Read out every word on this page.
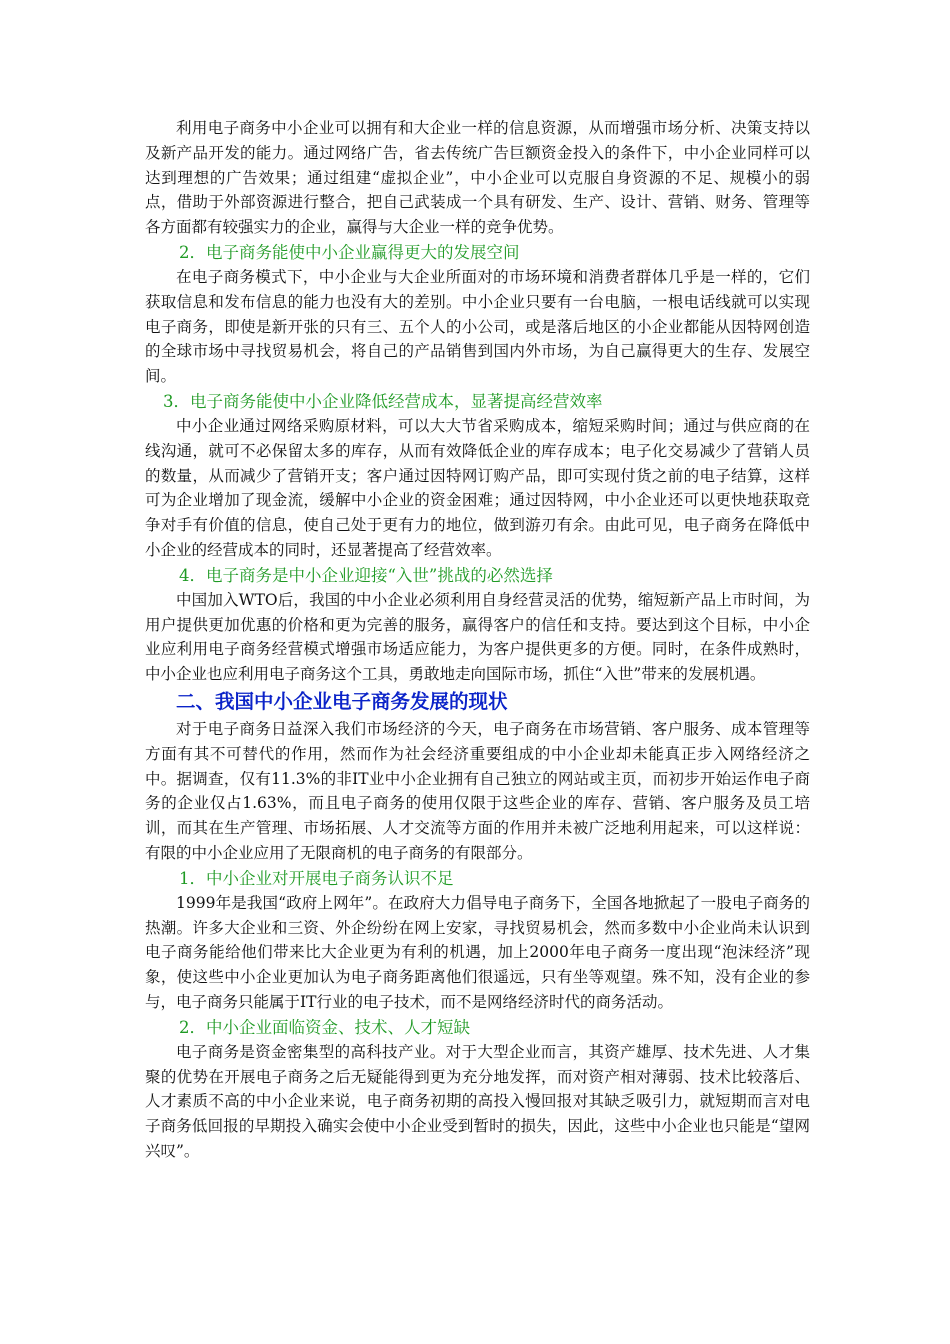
利用电子商务中小企业可以拥有和大企业一样的信息资源，从而增强市场分析、决策支持以及新产品开发的能力。通过网络广告，省去传统广告巨额资金投入的条件下，中小企业同样可以达到理想的广告效果；通过组建“虚拟企业”，中小企业可以克服自身资源的不足、规模小的弱点，借助于外部资源进行整合，把自己武装成一个具有研发、生产、设计、营销、财务、管理等各方面都有较强实力的企业，赢得与大企业一样的竞争优势。

2．电子商务能使中小企业赢得更大的发展空间

在电子商务模式下，中小企业与大企业所面对的市场环境和消费者群体几乎是一样的，它们获取信息和发布信息的能力也没有大的差别。中小企业只要有一台电脑，一根电话线就可以实现电子商务，即使是新开张的只有三、五个人的小公司，或是落后地区的小企业都能从因特网创造的全球市场中寻找贸易机会，将自己的产品销售到国内外市场，为自己赢得更大的生存、发展空间。

3．电子商务能使中小企业降低经营成本，显著提高经营效率

中小企业通过网络采购原材料，可以大大节省采购成本，缩短采购时间；通过与供应商的在线沟通，就可不必保留太多的库存，从而有效降低企业的库存成本；电子化交易减少了营销人员的数量，从而减少了营销开支；客户通过因特网订购产品，即可实现付货之前的电子结算，这样可为企业增加了现金流，缓解中小企业的资金困难；通过因特网，中小企业还可以更快地获取竞争对手有价值的信息，使自己处于更有力的地位，做到游刃有余。由此可见，电子商务在降低中小企业的经营成本的同时，还显著提高了经营效率。

4．电子商务是中小企业迎接“入世”挑战的必然选择

中国加入WTO后，我国的中小企业必须利用自身经营灵活的优势，缩短新产品上市时间，为用户提供更加优惠的价格和更为完善的服务，赢得客户的信任和支持。要达到这个目标，中小企业应利用电子商务经营模式增强市场适应能力，为客户提供更多的方便。同时，在条件成熟时，中小企业也应利用电子商务这个工具，勇敢地走向国际市场，抓住“入世”带来的发展机遇。

二、我国中小企业电子商务发展的现状

对于电子商务日益深入我们市场经济的今天，电子商务在市场营销、客户服务、成本管理等方面有其不可替代的作用，然而作为社会经济重要组成的中小企业却未能真正步入网络经济之中。据调查，仅有11.3%的非IT业中小企业拥有自己独立的网站或主页，而初步开始运作电子商务的企业仅占1.63%，而且电子商务的使用仅限于这些企业的库存、营销、客户服务及员工培训，而其在生产管理、市场拓展、人才交流等方面的作用并未被广泛地利用起来，可以这样说：有限的中小企业应用了无限商机的电子商务的有限部分。

1．中小企业对开展电子商务认识不足

1999年是我国“政府上网年”。在政府大力倡导电子商务下，全国各地掀起了一股电子商务的热潮。许多大企业和三资、外企纷纷在网上安家，寻找贸易机会，然而多数中小企业尚未认识到电子商务能给他们带来比大企业更为有利的机遇，加上2000年电子商务一度出现“泡沫经济”现象，使这些中小企业更加认为电子商务距离他们很遥远，只有坐等观望。殊不知，没有企业的参与，电子商务只能属于IT行业的电子技术，而不是网络经济时代的商务活动。

2．中小企业面临资金、技术、人才短缺

电子商务是资金密集型的高科技产业。对于大型企业而言，其资产雄厚、技术先进、人才集聚的优势在开展电子商务之后无疑能得到更为充分地发挥，而对资产相对薄弱、技术比较落后、人才素质不高的中小企业来说，电子商务初期的高投入慢回报对其缺乏吸引力，就短期而言对电子商务低回报的早期投入确实会使中小企业受到暂时的损失，因此，这些中小企业也只能是“望网兴叹”。
